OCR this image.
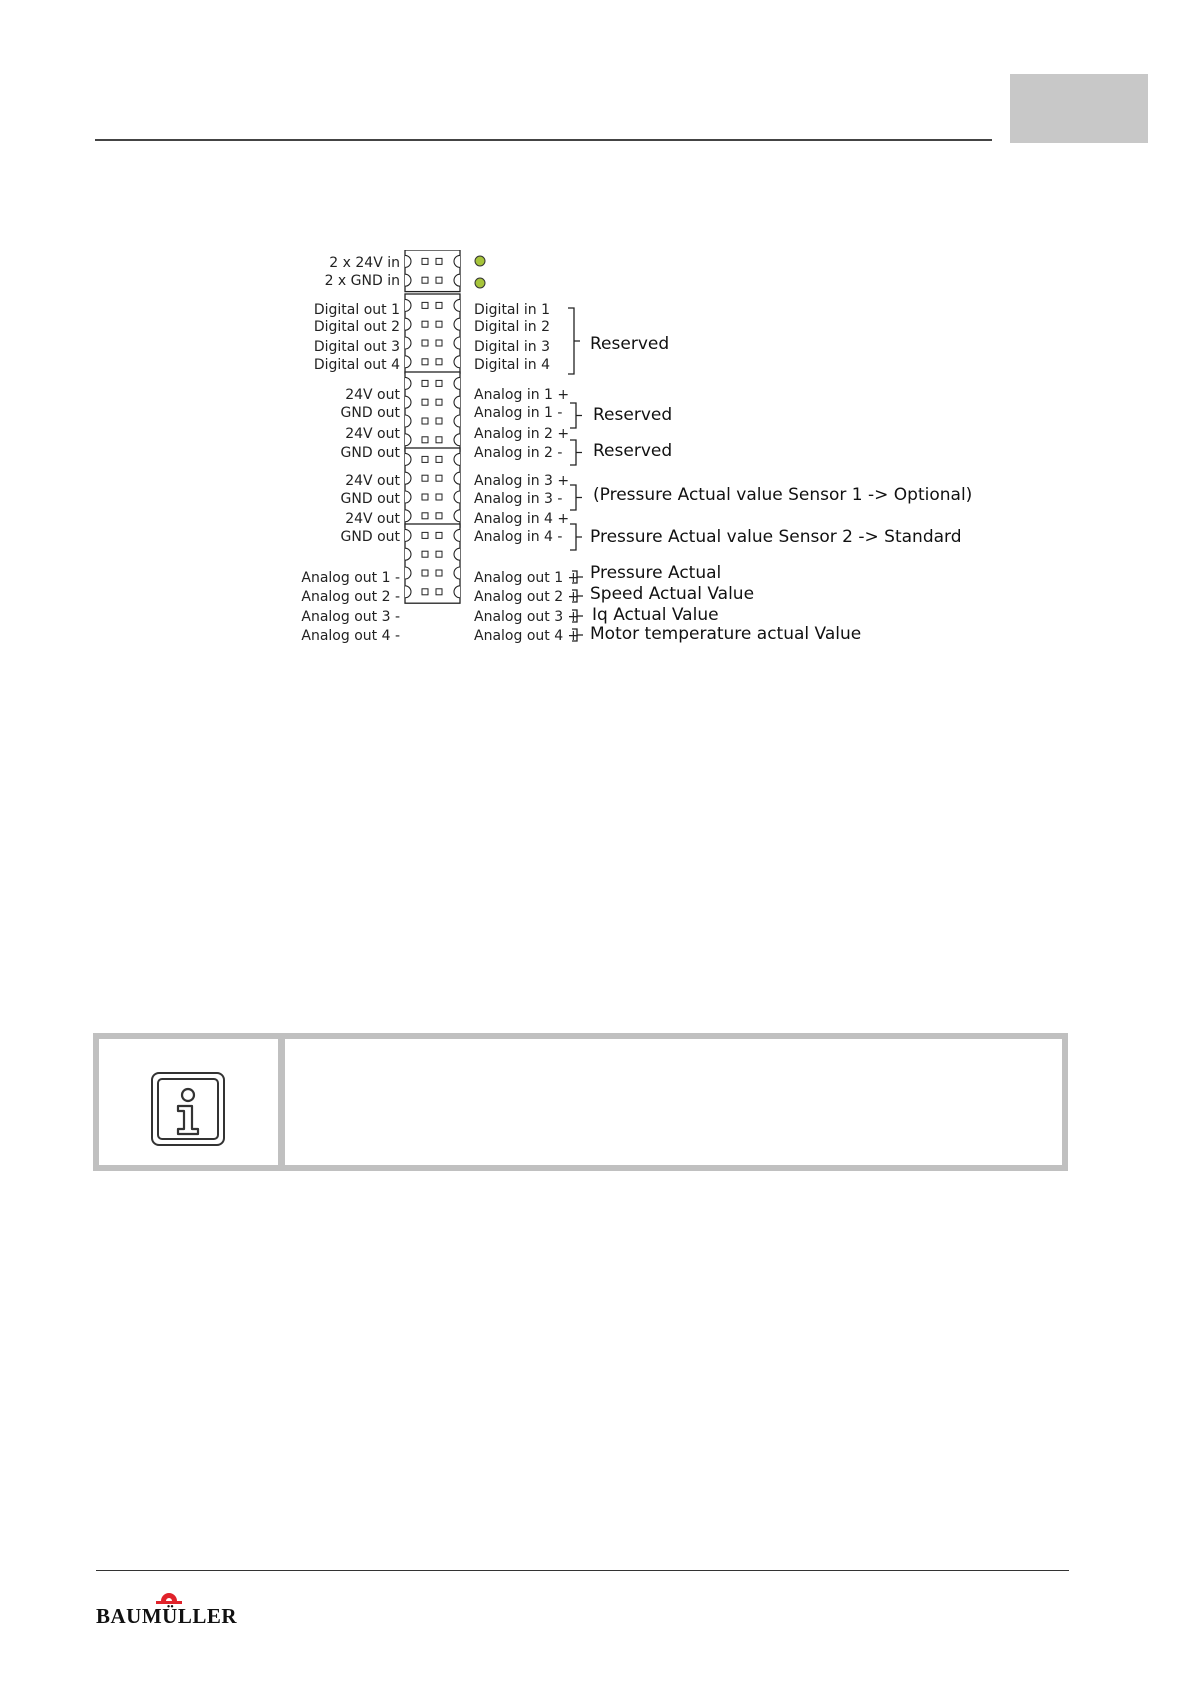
2 x 24V in
2 x GND in
Digital out 1
Digital out 2
Digital out 3
Digital out 4
24V out
GND out
24V out
GND out
24V out
GND out
24V out
GND out
Analog out 1 -
Analog out 2 -
Analog out 3 -
Analog out 4 -
Digital in 1
Digital in 2
Digital in 3
Digital in 4
Analog in 1 +
Analog in 1 -
Analog in 2 +
Analog in 2 -
Analog in 3 +
Analog in 3 -
Analog in 4 +
Analog in 4 -
Analog out 1 +
Analog out 2 +
Analog out 3 +
Analog out 4 +
Reserved
Reserved
Reserved
(Pressure Actual value Sensor 1 -> Optional)
Pressure Actual value Sensor 2 -> Standard
Pressure Actual
Speed Actual Value
Iq Actual Value
Motor temperature actual Value
BAUMÜLLER
